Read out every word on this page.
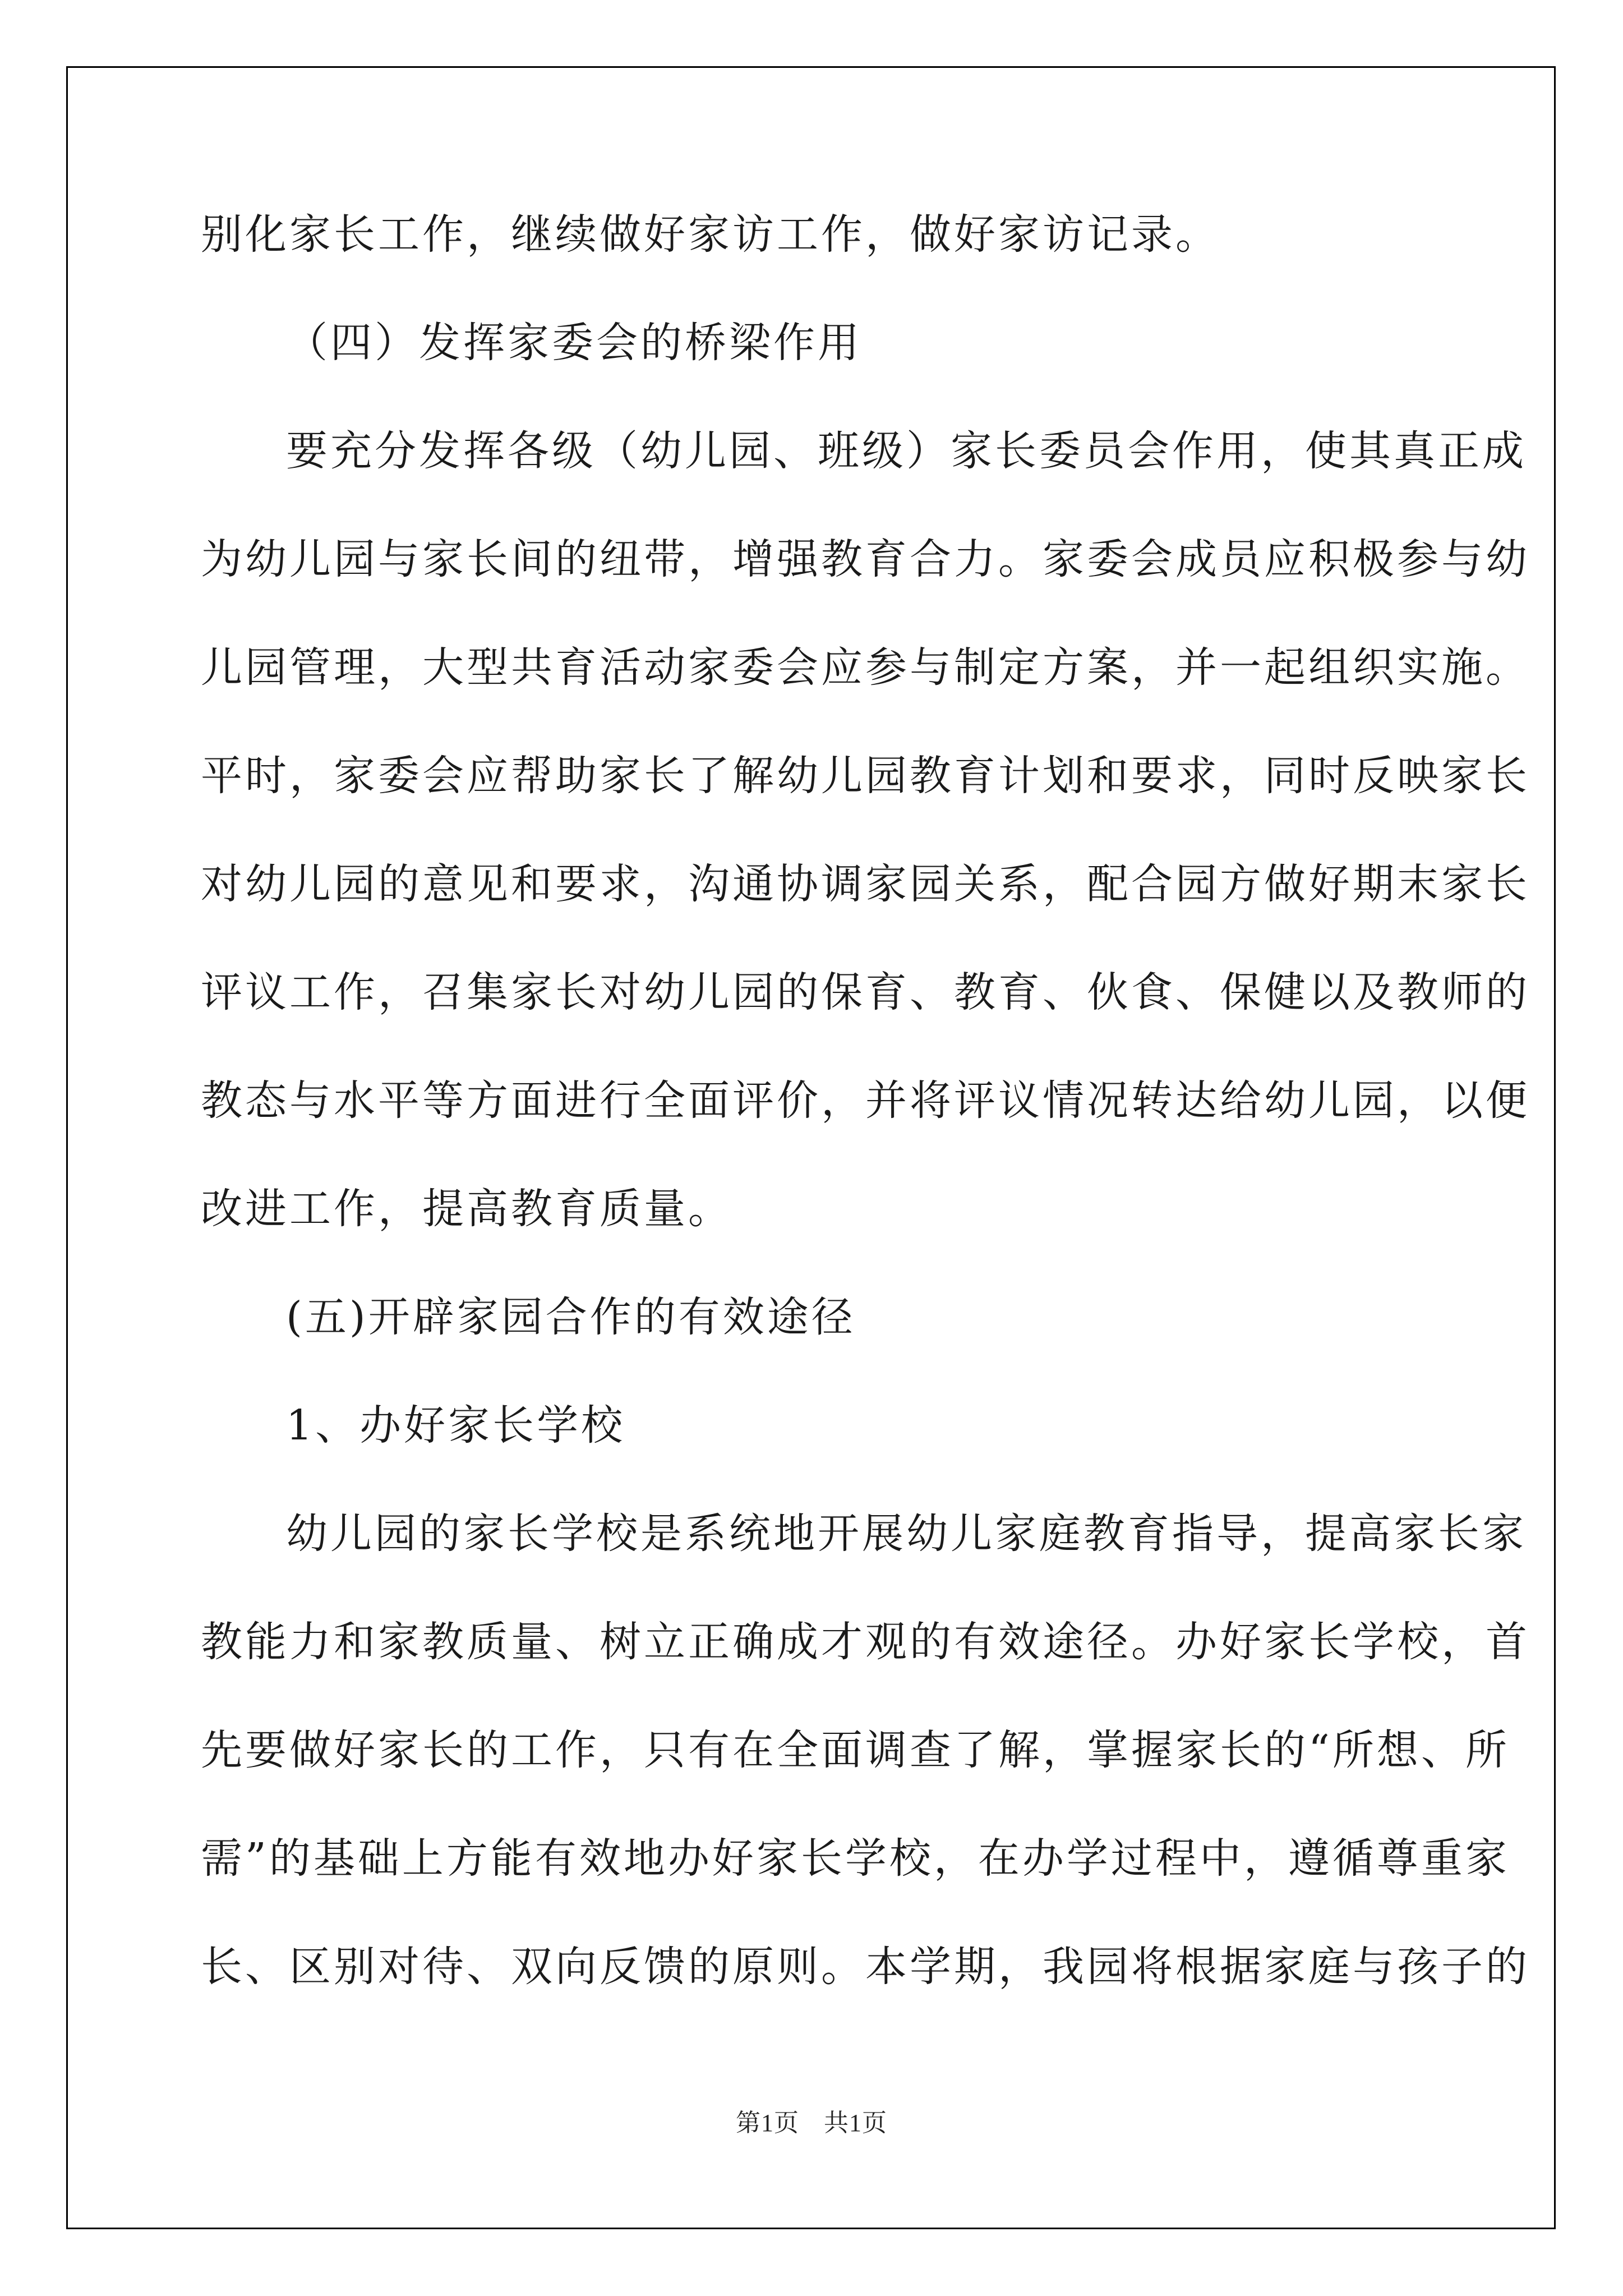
别化家长工作，继续做好家访工作，做好家访记录。

（四）发挥家委会的桥梁作用

要充分发挥各级（幼儿园、班级）家长委员会作用，使其真正成

为幼儿园与家长间的纽带，增强教育合力。家委会成员应积极参与幼

儿园管理，大型共育活动家委会应参与制定方案，并一起组织实施。

平时，家委会应帮助家长了解幼儿园教育计划和要求，同时反映家长

对幼儿园的意见和要求，沟通协调家园关系，配合园方做好期末家长

评议工作，召集家长对幼儿园的保育、教育、伙食、保健以及教师的

教态与水平等方面进行全面评价，并将评议情况转达给幼儿园，以便

改进工作，提高教育质量。

(五)开辟家园合作的有效途径

1、办好家长学校

幼儿园的家长学校是系统地开展幼儿家庭教育指导，提高家长家

教能力和家教质量、树立正确成才观的有效途径。办好家长学校，首

先要做好家长的工作，只有在全面调查了解，掌握家长的“所想、所

需”的基础上方能有效地办好家长学校，在办学过程中，遵循尊重家

长、区别对待、双向反馈的原则。本学期，我园将根据家庭与孩子的

第1页 共1页
